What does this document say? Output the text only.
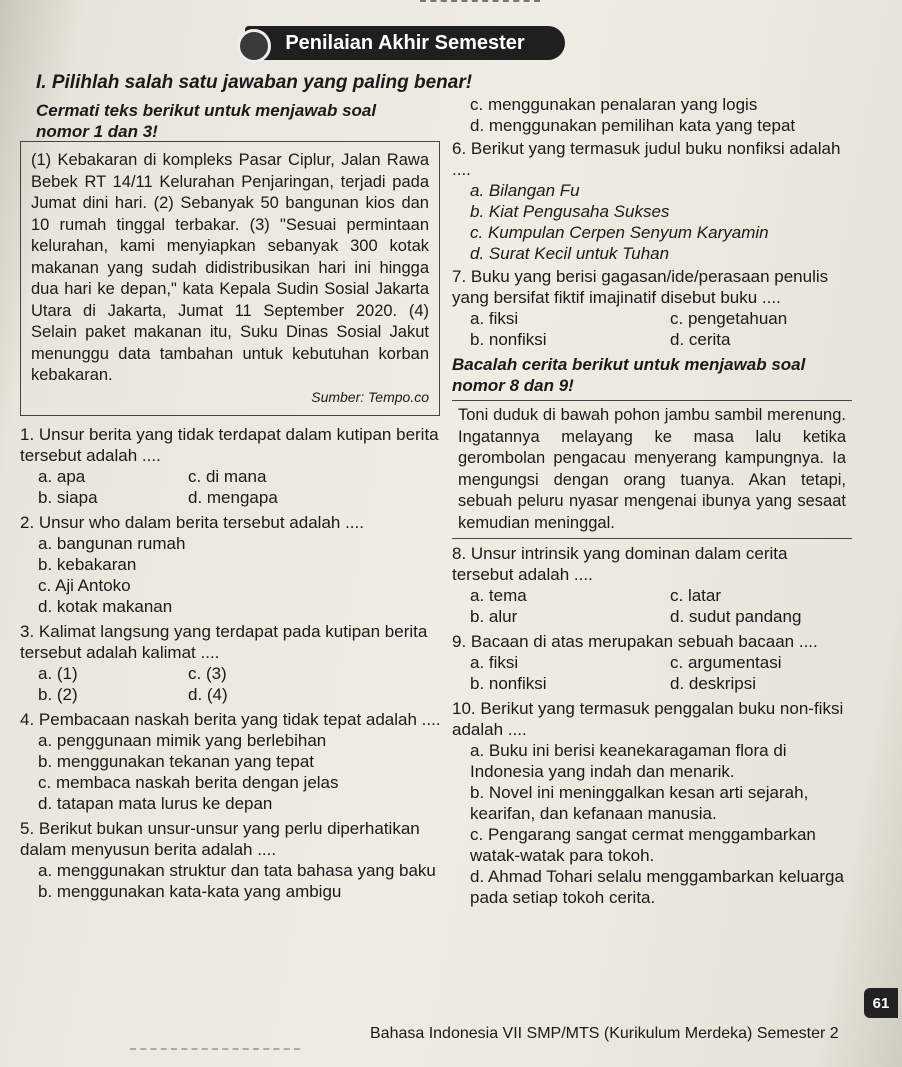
Penilaian Akhir Semester
I. Pilihlah salah satu jawaban yang paling benar!
Cermati teks berikut untuk menjawab soal
nomor 1 dan 3!
(1) Kebakaran di kompleks Pasar Ciplur, Jalan Rawa Bebek RT 14/11 Kelurahan Penjaringan, terjadi pada Jumat dini hari. (2) Sebanyak 50 bangunan kios dan 10 rumah tinggal terbakar. (3) "Sesuai permintaan kelurahan, kami menyiapkan sebanyak 300 kotak makanan yang sudah didistribusikan hari ini hingga dua hari ke depan," kata Kepala Sudin Sosial Jakarta Utara di Jakarta, Jumat 11 September 2020. (4) Selain paket makanan itu, Suku Dinas Sosial Jakut menunggu data tambahan untuk kebutuhan korban kebakaran.
Sumber: Tempo.co

1. Unsur berita yang tidak terdapat dalam kutipan berita tersebut adalah ....

a. apa	c. di mana
b. siapa	d. mengapa

2. Unsur who dalam berita tersebut adalah ....

a. bangunan rumah
b. kebakaran
c. Aji Antoko
d. kotak makanan

3. Kalimat langsung yang terdapat pada kutipan berita tersebut adalah kalimat ....

a. (1)	c. (3)
b. (2)	d. (4)

4. Pembacaan naskah berita yang tidak tepat adalah ....

a. penggunaan mimik yang berlebihan
b. menggunakan tekanan yang tepat
c. membaca naskah berita dengan jelas
d. tatapan mata lurus ke depan

5. Berikut bukan unsur-unsur yang perlu diperhatikan dalam menyusun berita adalah ....

a. menggunakan struktur dan tata bahasa yang baku
b. menggunakan kata-kata yang ambigu
c. menggunakan penalaran yang logis
d. menggunakan pemilihan kata yang tepat

6. Berikut yang termasuk judul buku nonfiksi adalah ....

a. Bilangan Fu
b. Kiat Pengusaha Sukses
c. Kumpulan Cerpen Senyum Karyamin
d. Surat Kecil untuk Tuhan

7. Buku yang berisi gagasan/ide/perasaan penulis yang bersifat fiktif imajinatif disebut buku ....

a. fiksi	c. pengetahuan
b. nonfiksi	d. cerita
Bacalah cerita berikut untuk menjawab soal
nomor 8 dan 9!
Toni duduk di bawah pohon jambu sambil merenung. Ingatannya melayang ke masa lalu ketika gerombolan pengacau menyerang kampungnya. Ia mengungsi dengan orang tuanya. Akan tetapi, sebuah peluru nyasar mengenai ibunya yang sesaat kemudian meninggal.

8. Unsur intrinsik yang dominan dalam cerita tersebut adalah ....

a. tema	c. latar
b. alur	d. sudut pandang

9. Bacaan di atas merupakan sebuah bacaan ....

a. fiksi	c. argumentasi
b. nonfiksi	d. deskripsi

10. Berikut yang termasuk penggalan buku non-fiksi adalah ....

a. Buku ini berisi keanekaragaman flora di Indonesia yang indah dan menarik.
b. Novel ini meninggalkan kesan arti sejarah, kearifan, dan kefanaan manusia.
c. Pengarang sangat cermat menggambarkan watak-watak para tokoh.
d. Ahmad Tohari selalu menggambarkan keluarga pada setiap tokoh cerita.
Bahasa Indonesia VII SMP/MTS (Kurikulum Merdeka) Semester 2
61
